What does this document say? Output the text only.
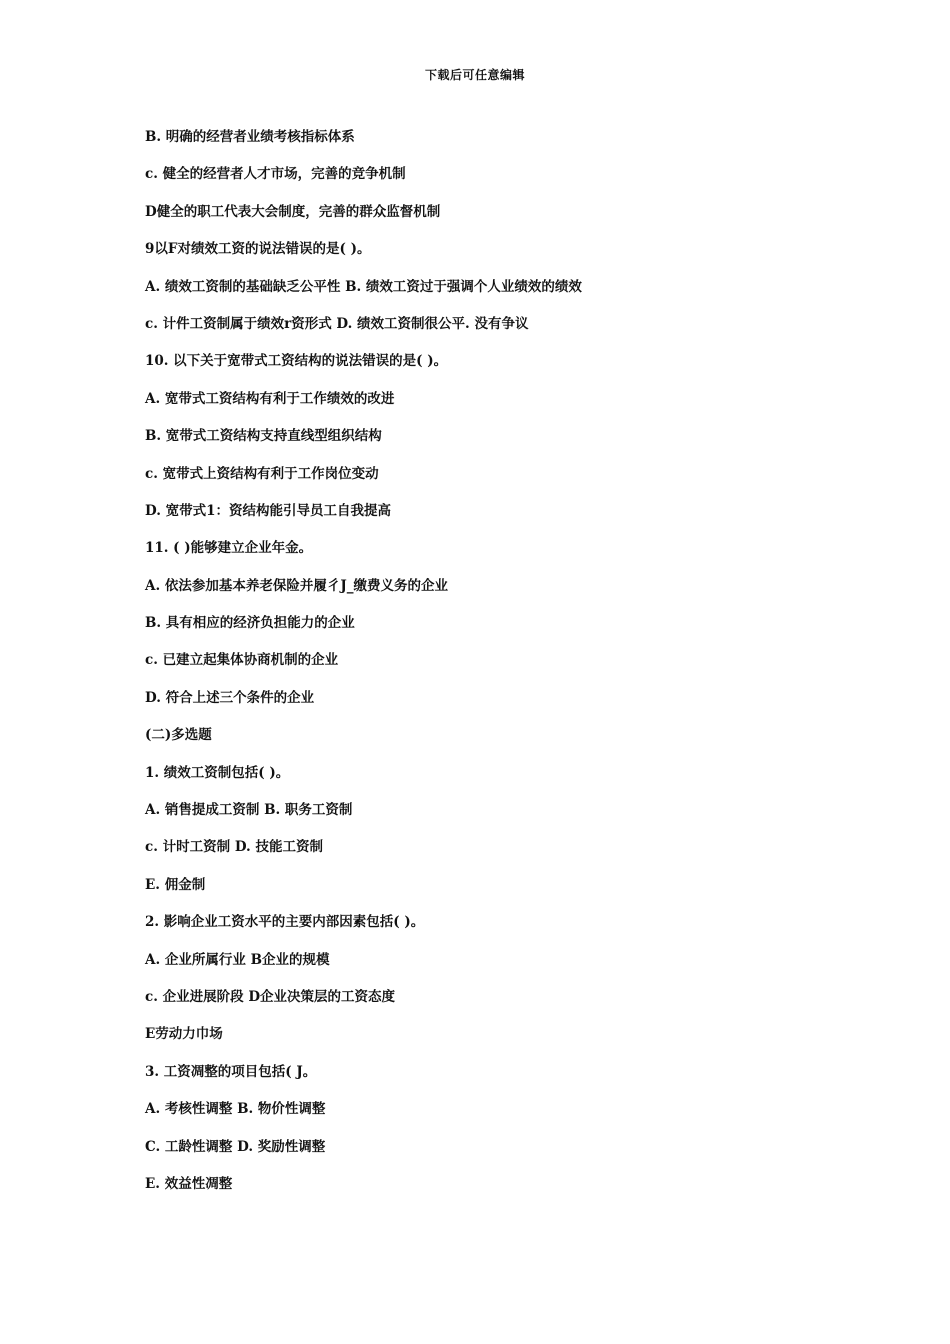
下载后可任意编辑
B. 明确的经营者业绩考核指标体系
c. 健全的经营者人才市场，完善的竞争机制
D健全的职工代表大会制度，完善的群众监督机制
9以F对绩效工资的说法错误的是( )。
A. 绩效工资制的基础缺乏公平性 B. 绩效工资过于强调个人业绩效的绩效
c. 计件工资制属于绩效r资形式 D. 绩效工资制很公平. 没有争议
10. 以下关于宽带式工资结构的说法错误的是( )。
A. 宽带式工资结构有利于工作绩效的改进
B. 宽带式工资结构支持直线型组织结构
c. 宽带式上资结构有利于工作岗位变动
D. 宽带式1：资结构能引导员工自我提高
11. ( )能够建立企业年金。
A. 依法参加基本养老保险并履彳J_缴费义务的企业
B. 具有相应的经济负担能力的企业
c. 已建立起集体协商机制的企业
D. 符合上述三个条件的企业
(二)多选题
1. 绩效工资制包括( )。
A. 销售提成工资制 B. 职务工资制
c. 计时工资制 D. 技能工资制
E. 佣金制
2. 影响企业工资水平的主要内部因素包括( )。
A. 企业所属行业 B企业的规模
c. 企业进展阶段 D企业决策层的工资态度
E劳动力巾场
3. 工资凋整的项目包括( J。
A. 考核性调整 B. 物价性调整
C. 工龄性调整 D. 奖励性调整
E. 效益性凋整
